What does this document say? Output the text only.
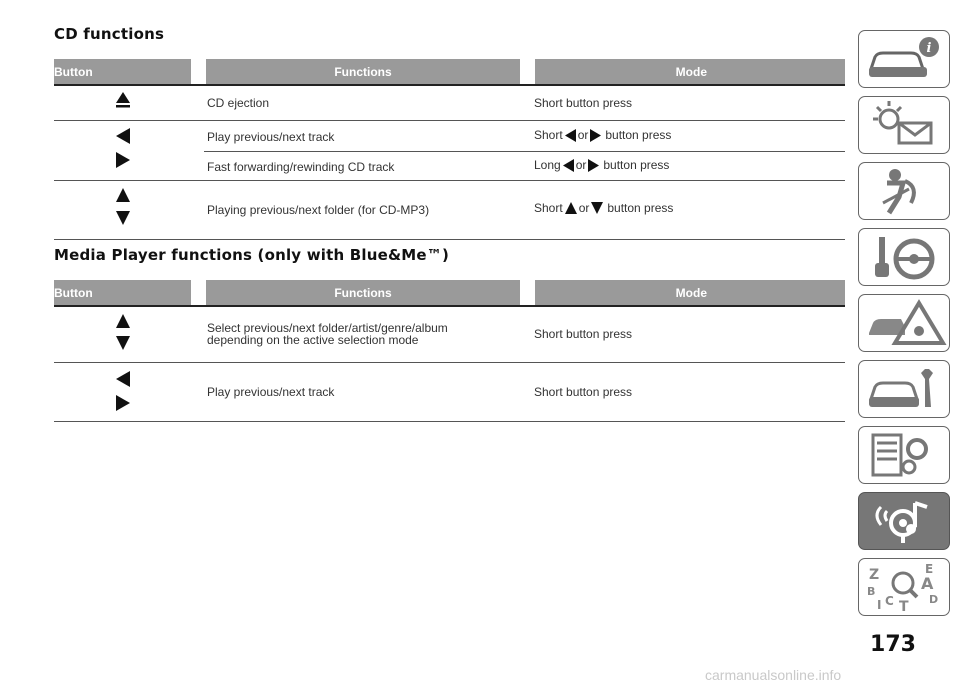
CD functions
Button	Functions	Mode
CD ejection	Short button press
Play previous/next track	Short or button press
Fast forwarding/rewinding CD track	Long or button press
Playing previous/next folder (for CD-MP3)	Short or button press
Media Player functions (only with Blue&Me™)
Button	Functions	Mode
Select previous/next folder/artist/genre/album
depending on the active selection mode	Short button press
Play previous/next track	Short button press
i
Z	E
B	A
C T D
I
173
carmanualsonline.info
